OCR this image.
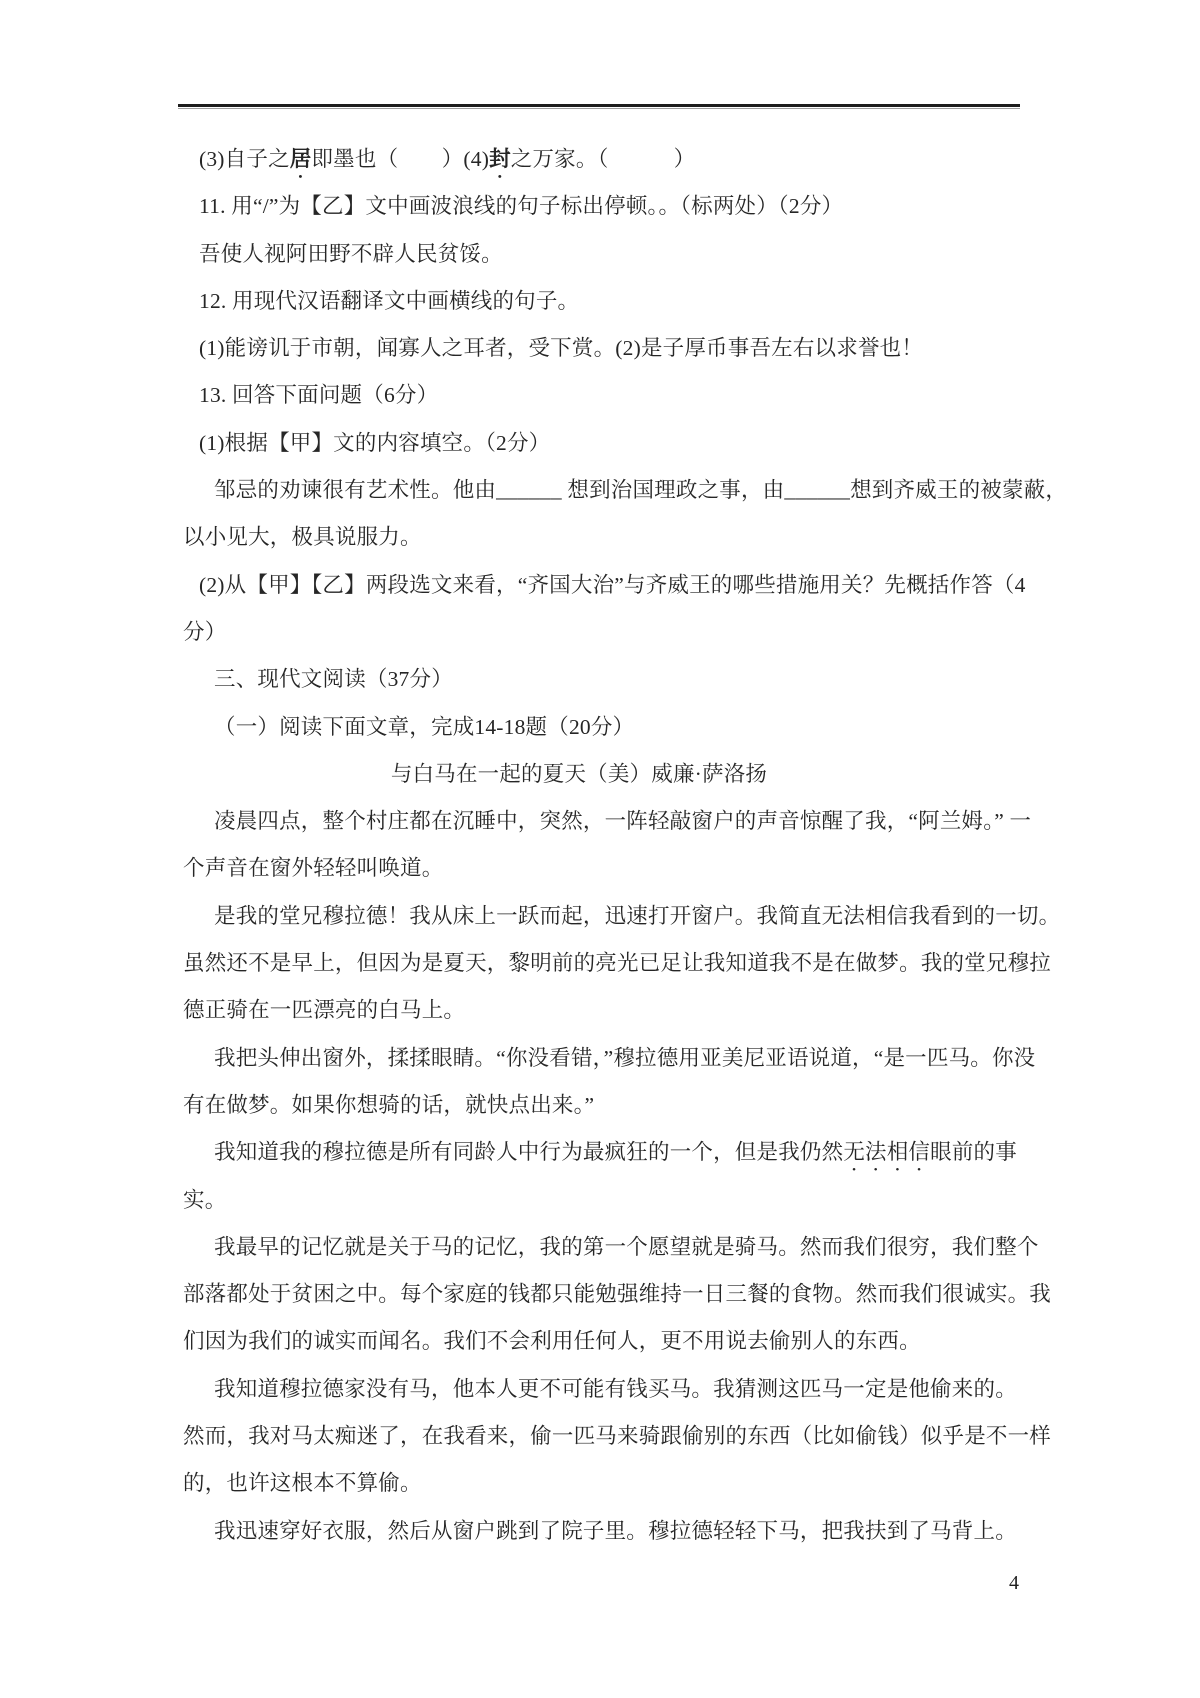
(3)自子之居即墨也（　　）(4)封之万家。（　　　）
11. 用“/”为【乙】文中画波浪线的句子标出停顿。。（标两处）（2分）
吾使人视阿田野不辟人民贫馁。
12. 用现代汉语翻译文中画横线的句子。
(1)能谤讥于市朝，闻寡人之耳者，受下赏。(2)是子厚币事吾左右以求誉也！
13. 回答下面问题（6分）
(1)根据【甲】文的内容填空。（2分）
邹忌的劝谏很有艺术性。他由______ 想到治国理政之事，由______想到齐威王的被蒙蔽，
以小见大，极具说服力。
(2)从【甲】【乙】两段选文来看，“齐国大治”与齐威王的哪些措施用关？先概括作答（4
分）
三、现代文阅读（37分）
（一）阅读下面文章，完成14-18题（20分）
与白马在一起的夏天（美）威廉·萨洛扬
凌晨四点，整个村庄都在沉睡中，突然，一阵轻敲窗户的声音惊醒了我，“阿兰姆。” 一
个声音在窗外轻轻叫唤道。
是我的堂兄穆拉德！我从床上一跃而起，迅速打开窗户。我简直无法相信我看到的一切。
虽然还不是早上，但因为是夏天，黎明前的亮光已足让我知道我不是在做梦。我的堂兄穆拉
德正骑在一匹漂亮的白马上。
我把头伸出窗外，揉揉眼睛。“你没看错，”穆拉德用亚美尼亚语说道，“是一匹马。你没
有在做梦。如果你想骑的话，就快点出来。”
我知道我的穆拉德是所有同龄人中行为最疯狂的一个，但是我仍然无法相信眼前的事
实。
我最早的记忆就是关于马的记忆，我的第一个愿望就是骑马。然而我们很穷，我们整个
部落都处于贫困之中。每个家庭的钱都只能勉强维持一日三餐的食物。然而我们很诚实。我
们因为我们的诚实而闻名。我们不会利用任何人，更不用说去偷别人的东西。
我知道穆拉德家没有马，他本人更不可能有钱买马。我猜测这匹马一定是他偷来的。
然而，我对马太痴迷了，在我看来，偷一匹马来骑跟偷别的东西（比如偷钱）似乎是不一样
的，也许这根本不算偷。
我迅速穿好衣服，然后从窗户跳到了院子里。穆拉德轻轻下马，把我扶到了马背上。
4
